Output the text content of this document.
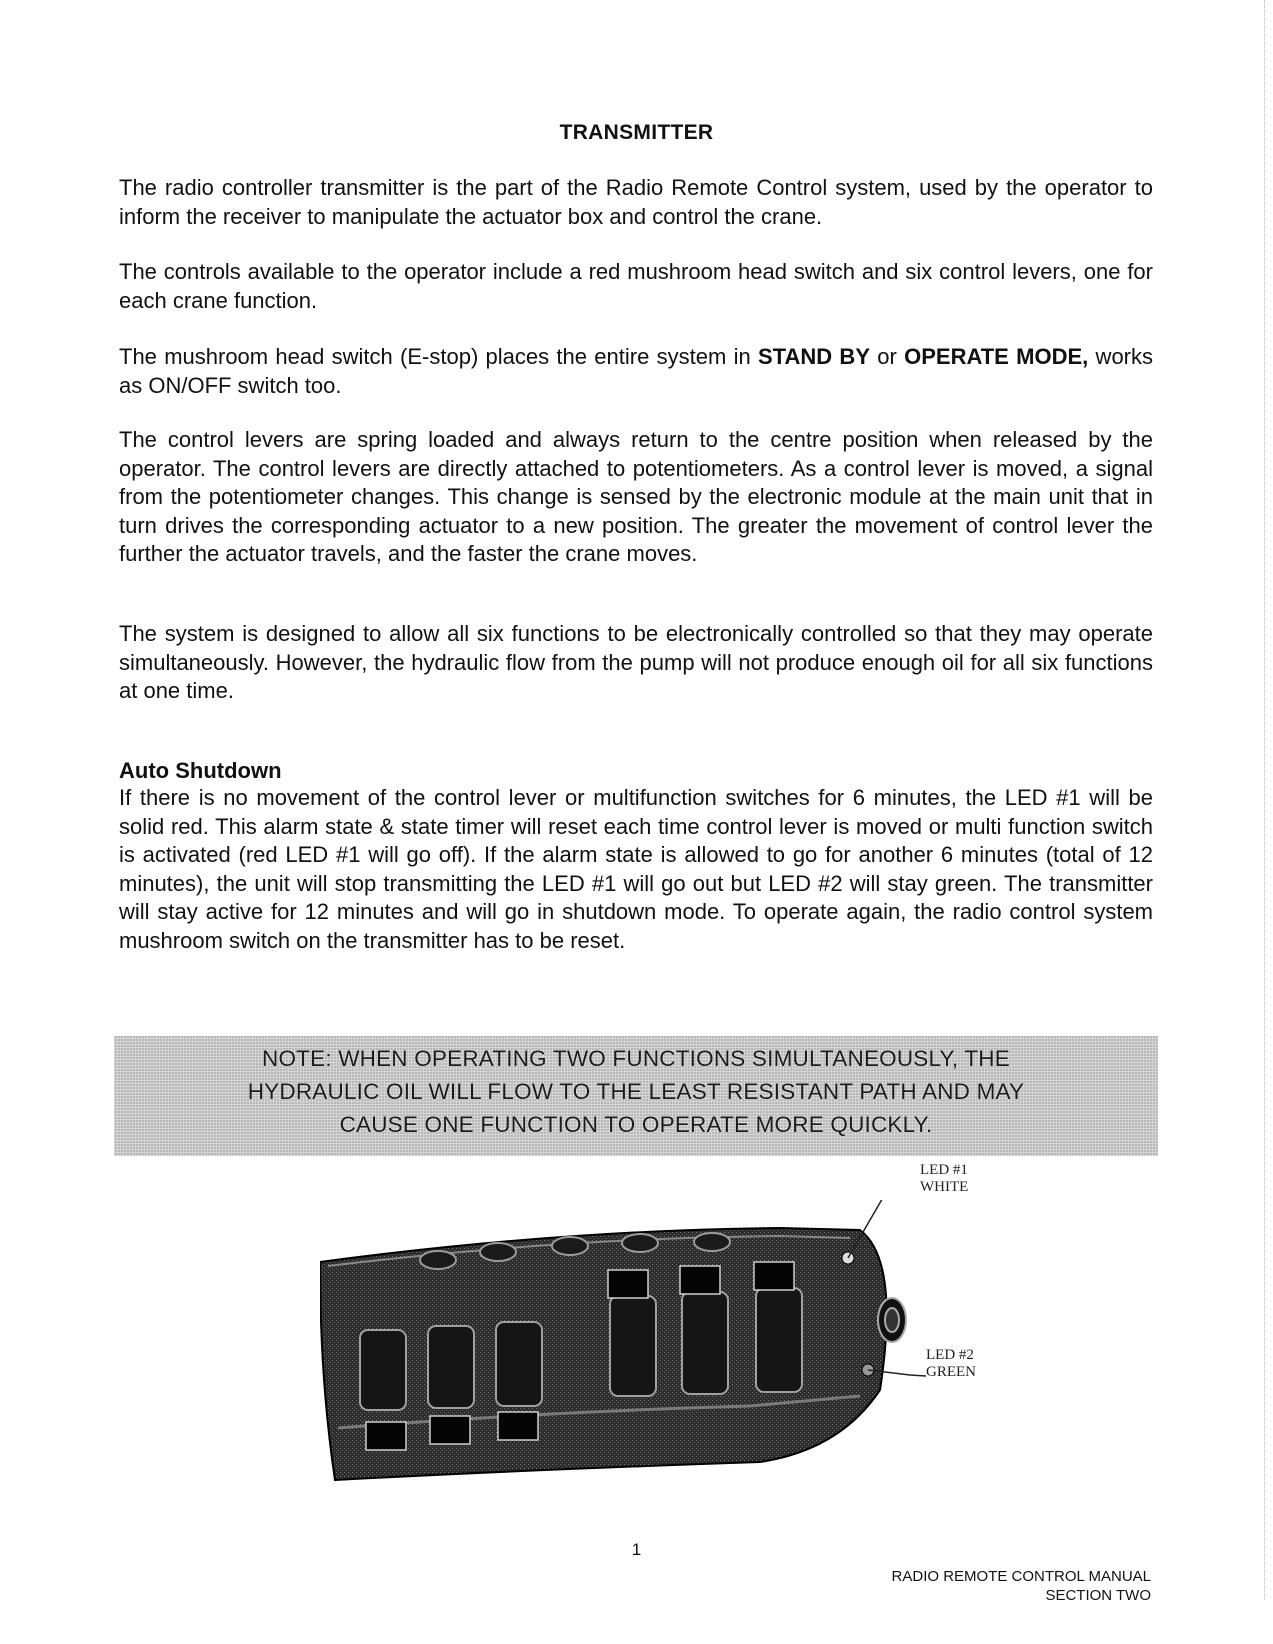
TRANSMITTER

The radio controller transmitter is the part of the Radio Remote Control system, used by the operator to inform the receiver to manipulate the actuator box and control the crane.

The controls available to the operator include a red mushroom head switch and six control levers, one for each crane function.

The mushroom head switch (E-stop) places the entire system in STAND BY or OPERATE MODE, works as ON/OFF switch too.

The control levers are spring loaded and always return to the centre position when released by the operator. The control levers are directly attached to potentiometers. As a control lever is moved, a signal from the potentiometer changes. This change is sensed by the electronic module at the main unit that in turn drives the corresponding actuator to a new position. The greater the movement of control lever the further the actuator travels, and the faster the crane moves.

The system is designed to allow all six functions to be electronically controlled so that they may operate simultaneously. However, the hydraulic flow from the pump will not produce enough oil for all six functions at one time.

Auto Shutdown

If there is no movement of the control lever or multifunction switches for 6 minutes, the LED #1 will be solid red. This alarm state & state timer will reset each time control lever is moved or multi function switch is activated (red LED #1 will go off). If the alarm state is allowed to go for another 6 minutes (total of 12 minutes), the unit will stop transmitting the LED #1 will go out but LED #2 will stay green. The transmitter will stay active for 12 minutes and will go in shutdown mode. To operate again, the radio control system mushroom switch on the transmitter has to be reset.

NOTE: WHEN OPERATING TWO FUNCTIONS SIMULTANEOUSLY, THE
HYDRAULIC OIL WILL FLOW TO THE LEAST RESISTANT PATH AND MAY
CAUSE ONE FUNCTION TO OPERATE MORE QUICKLY.
LED #1
WHITE
LED #2
GREEN
1
RADIO REMOTE CONTROL MANUAL
SECTION TWO
